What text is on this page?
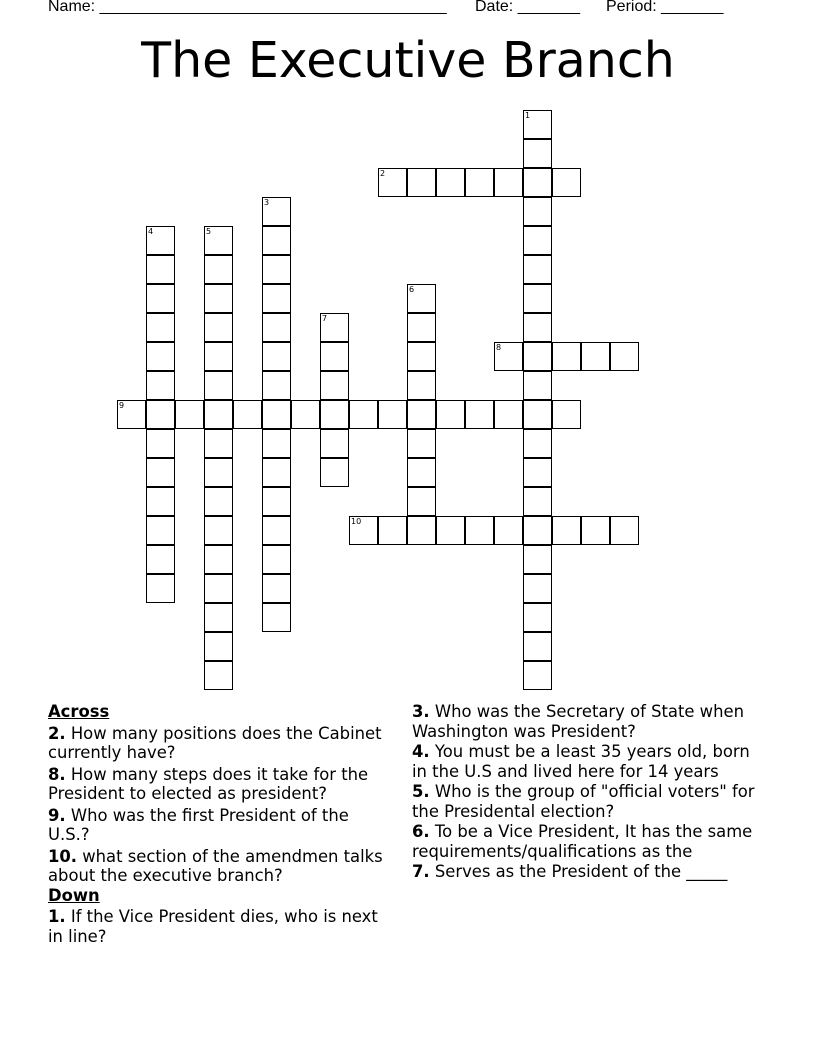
Name: _______________________________________ Date: _______ Period: _______
The Executive Branch
1
2
3
4	5
6
7
8
9
10
Across
2. How many positions does the Cabinet currently have?
8. How many steps does it take for the President to elected as president?
9. Who was the first President of the U.S.?
10. what section of the amendmen talks about the executive branch?
Down
1. If the Vice President dies, who is next in line?
3. Who was the Secretary of State when Washington was President?
4. You must be a least 35 years old, born in the U.S and lived here for 14 years
5. Who is the group of "official voters" for the Presidental election?
6. To be a Vice President, It has the same requirements/qualifications as the
7. Serves as the President of the _____
